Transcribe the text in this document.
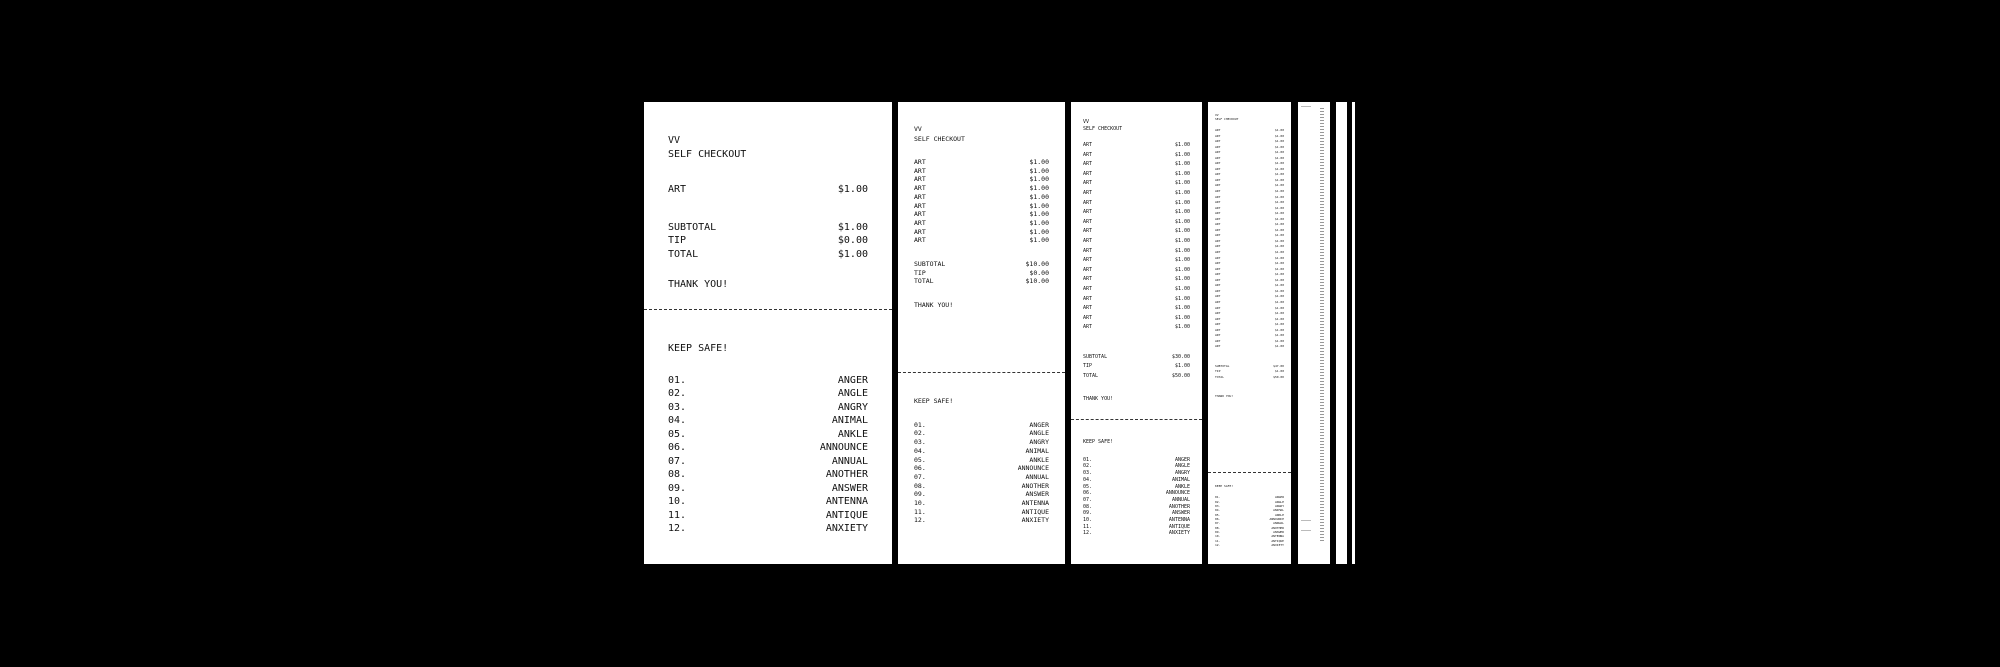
VV
SELF CHECKOUT
ART	$1.00
SUBTOTAL	$1.00
TIP	$0.00
TOTAL	$1.00
THANK YOU!
KEEP SAFE!
01.	ANGER
02.	ANGLE
03.	ANGRY
04.	ANIMAL
05.	ANKLE
06.	ANNOUNCE
07.	ANNUAL
08.	ANOTHER
09.	ANSWER
10.	ANTENNA
11.	ANTIQUE
12.	ANXIETY
VV
SELF CHECKOUT
ART	$1.00
ART	$1.00
ART	$1.00
ART	$1.00
ART	$1.00
ART	$1.00
ART	$1.00
ART	$1.00
ART	$1.00
ART	$1.00
SUBTOTAL	$10.00
TIP	$0.00
TOTAL	$10.00
THANK YOU!
KEEP SAFE!
01.	ANGER
02.	ANGLE
03.	ANGRY
04.	ANIMAL
05.	ANKLE
06.	ANNOUNCE
07.	ANNUAL
08.	ANOTHER
09.	ANSWER
10.	ANTENNA
11.	ANTIQUE
12.	ANXIETY
VV
SELF CHECKOUT
ART	$1.00
ART	$1.00
ART	$1.00
ART	$1.00
ART	$1.00
ART	$1.00
ART	$1.00
ART	$1.00
ART	$1.00
ART	$1.00
ART	$1.00
ART	$1.00
ART	$1.00
ART	$1.00
ART	$1.00
ART	$1.00
ART	$1.00
ART	$1.00
ART	$1.00
ART	$1.00
SUBTOTAL	$30.00
TIP	$1.00
TOTAL	$50.00
THANK YOU!
KEEP SAFE!
01.	ANGER
02.	ANGLE
03.	ANGRY
04.	ANIMAL
05.	ANKLE
06.	ANNOUNCE
07.	ANNUAL
08.	ANOTHER
09.	ANSWER
10.	ANTENNA
11.	ANTIQUE
12.	ANXIETY
VV
SELF CHECKOUT
ART	$1.00
ART	$1.00
ART	$1.00
ART	$1.00
ART	$1.00
ART	$1.00
ART	$1.00
ART	$1.00
ART	$1.00
ART	$1.00
ART	$1.00
ART	$1.00
ART	$1.00
ART	$1.00
ART	$1.00
ART	$1.00
ART	$1.00
ART	$1.00
ART	$1.00
ART	$1.00
ART	$1.00
ART	$1.00
ART	$1.00
ART	$1.00
ART	$1.00
ART	$1.00
ART	$1.00
ART	$1.00
ART	$1.00
ART	$1.00
ART	$1.00
ART	$1.00
ART	$1.00
ART	$1.00
ART	$1.00
ART	$1.00
ART	$1.00
ART	$1.00
ART	$1.00
ART	$1.00
SUBTOTAL	$47.00
TIP	$1.00
TOTAL	$50.00
THANK YOU!
KEEP SAFE!
01.	ANGER
02.	ANGLE
03.	ANGRY
04.	ANIMAL
05.	ANKLE
06.	ANNOUNCE
07.	ANNUAL
08.	ANOTHER
09.	ANSWER
10.	ANTENNA
11.	ANTIQUE
12.	ANXIETY
